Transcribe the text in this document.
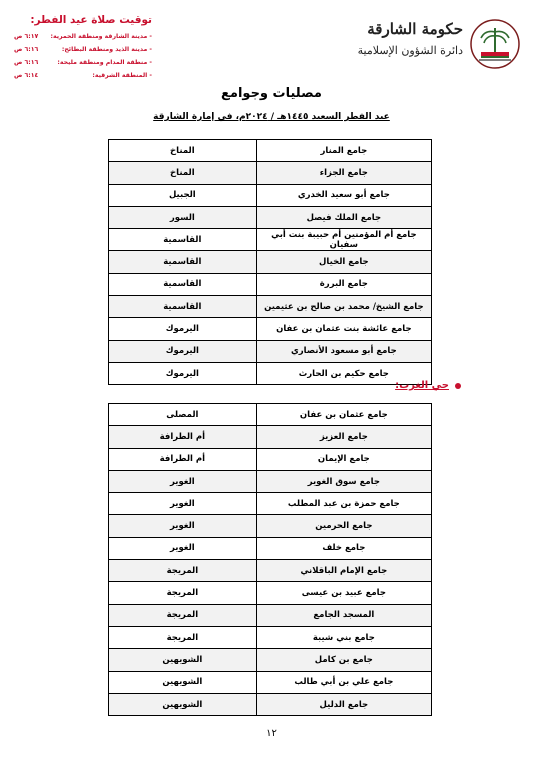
حكومة الشارقة
دائرة الشؤون الإسلامية
توقيت صلاة عيد الفطر:
- مدينة الشارقة ومنطقة الحمرية:
٦:١٧ ص
- مدينة الذيد ومنطقة البطائح:
٦:١٦ ص
- منطقة المدام ومنطقة مليحة:
٦:١٦ ص
- المنطقة الشرقية:
٦:١٤ ص
مصليات وجوامع
عيد الفطر السعيد ١٤٤٥هـ / ٢٠٢٤م، في إمارة الشارقة
جامع المنار	المناخ
جامع الجزاء	المناخ
جامع أبو سعيد الخدري	الجبيل
جامع الملك فيصل	السور
جامع أم المؤمنين أم حبيبة بنت أبي سفيان	القاسمية
جامع الخيال	القاسمية
جامع البررة	القاسمية
جامع الشيخ/ محمد بن صالح بن عثيمين	القاسمية
جامع عائشة بنت عثمان بن عفان	اليرموك
جامع أبو مسعود الأنصاري	اليرموك
جامع حكيم بن الحارث	اليرموك
حي الغرب:
جامع عثمان بن عفان	المصلى
جامع العزيز	أم الطرافة
جامع الإيمان	أم الطرافة
جامع سوق الغوير	الغوير
جامع حمزة بن عبد المطلب	الغوير
جامع الحرمين	الغوير
جامع خلف	الغوير
جامع الإمام الباقلاني	المريجة
جامع عبيد بن عيسى	المريجة
المسجد الجامع	المريجة
جامع بني شيبة	المريجة
جامع بن كامل	الشويهين
جامع علي بن أبي طالب	الشويهين
جامع الدليل	الشويهين
١٢
